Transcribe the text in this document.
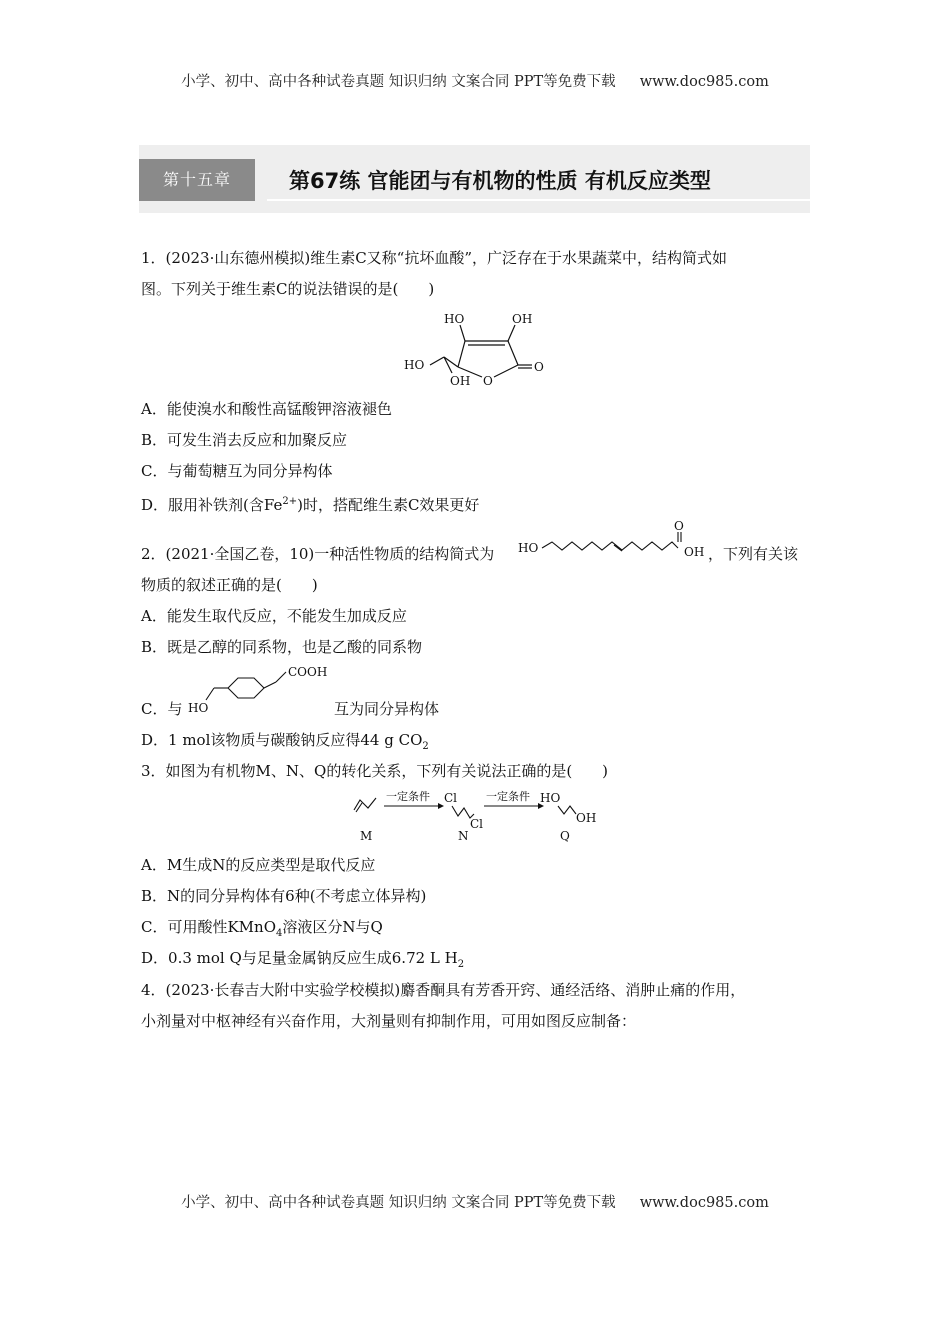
小学、初中、高中各种试卷真题 知识归纳 文案合同 PPT等免费下载 www.doc985.com
第十五章	第67练 官能团与有机物的性质 有机反应类型
1．(2023·山东德州模拟)维生素C又称“抗坏血酸”，广泛存在于水果蔬菜中，结构简式如
图。下列关于维生素C的说法错误的是(　　)
HO	OH
HO
OH O
O
A．能使溴水和酸性高锰酸钾溶液褪色
B．可发生消去反应和加聚反应
C．与葡萄糖互为同分异构体
D．服用补铁剂(含$Fe^{2+}$)时，搭配维生素C效果更好
2．(2021·全国乙卷，10)一种活性物质的结构简式为 HO
O
OH ，下列有关该
物质的叙述正确的是(　　)
A．能发生取代反应，不能发生加成反应
B．既是乙醇的同系物，也是乙酸的同系物
C．与
COOH
HO	互为同分异构体
D．1 mol该物质与碳酸钠反应得44 g $CO_2$
3．如图为有机物M、N、Q的转化关系，下列有关说法正确的是(　　)
M
一定条件 Cl
Cl
N
一定条件 HO
OH
Q
A．M生成N的反应类型是取代反应
B．N的同分异构体有6种(不考虑立体异构)
C．可用酸性KMnO$_4$溶液区分N与Q
D．0.3 mol Q与足量金属钠反应生成6.72 L $H_2$
4．(2023·长春吉大附中实验学校模拟)麝香酮具有芳香开窍、通经活络、消肿止痛的作用，
小剂量对中枢神经有兴奋作用，大剂量则有抑制作用，可用如图反应制备：
小学、初中、高中各种试卷真题 知识归纳 文案合同 PPT等免费下载 www.doc985.com
